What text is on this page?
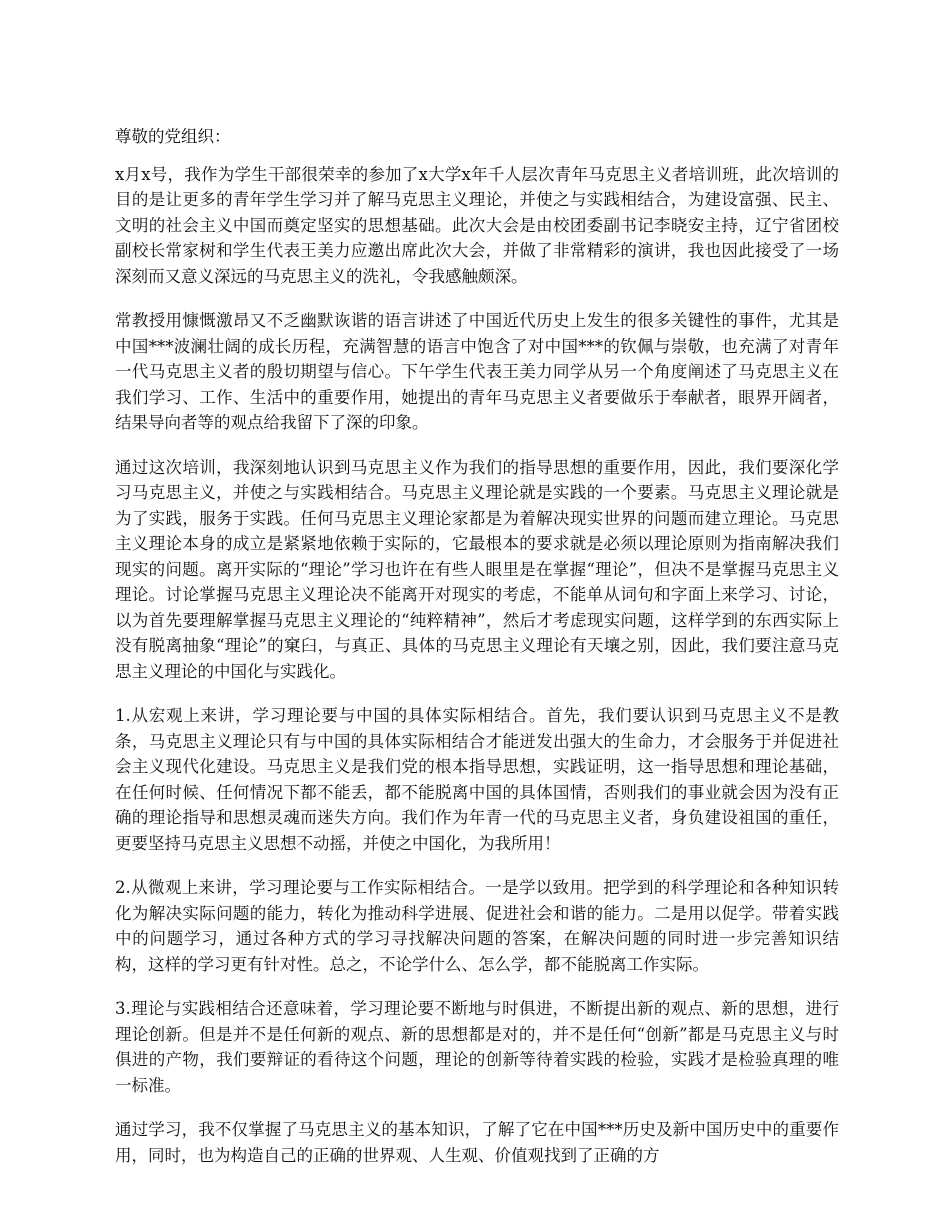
尊敬的党组织：

x月x号，我作为学生干部很荣幸的参加了x大学x年千人层次青年马克思主义者培训班，此次培训的目的是让更多的青年学生学习并了解马克思主义理论，并使之与实践相结合，为建设富强、民主、文明的社会主义中国而奠定坚实的思想基础。此次大会是由校团委副书记李晓安主持，辽宁省团校副校长常家树和学生代表王美力应邀出席此次大会，并做了非常精彩的演讲，我也因此接受了一场深刻而又意义深远的马克思主义的洗礼，令我感触颇深。

常教授用慷慨激昂又不乏幽默诙谐的语言讲述了中国近代历史上发生的很多关键性的事件，尤其是中国***波澜壮阔的成长历程，充满智慧的语言中饱含了对中国***的钦佩与崇敬，也充满了对青年一代马克思主义者的殷切期望与信心。下午学生代表王美力同学从另一个角度阐述了马克思主义在我们学习、工作、生活中的重要作用，她提出的青年马克思主义者要做乐于奉献者，眼界开阔者，结果导向者等的观点给我留下了深的印象。

通过这次培训，我深刻地认识到马克思主义作为我们的指导思想的重要作用，因此，我们要深化学习马克思主义，并使之与实践相结合。马克思主义理论就是实践的一个要素。马克思主义理论就是为了实践，服务于实践。任何马克思主义理论家都是为着解决现实世界的问题而建立理论。马克思主义理论本身的成立是紧紧地依赖于实际的，它最根本的要求就是必须以理论原则为指南解决我们现实的问题。离开实际的“理论”学习也许在有些人眼里是在掌握“理论”，但决不是掌握马克思主义理论。讨论掌握马克思主义理论决不能离开对现实的考虑，不能单从词句和字面上来学习、讨论，以为首先要理解掌握马克思主义理论的“纯粹精神”，然后才考虑现实问题，这样学到的东西实际上没有脱离抽象“理论”的窠臼，与真正、具体的马克思主义理论有天壤之别，因此，我们要注意马克思主义理论的中国化与实践化。

1.从宏观上来讲，学习理论要与中国的具体实际相结合。首先，我们要认识到马克思主义不是教条，马克思主义理论只有与中国的具体实际相结合才能迸发出强大的生命力，才会服务于并促进社会主义现代化建设。马克思主义是我们党的根本指导思想，实践证明，这一指导思想和理论基础，在任何时候、任何情况下都不能丢，都不能脱离中国的具体国情，否则我们的事业就会因为没有正确的理论指导和思想灵魂而迷失方向。我们作为年青一代的马克思主义者，身负建设祖国的重任，更要坚持马克思主义思想不动摇，并使之中国化，为我所用！

2.从微观上来讲，学习理论要与工作实际相结合。一是学以致用。把学到的科学理论和各种知识转化为解决实际问题的能力，转化为推动科学进展、促进社会和谐的能力。二是用以促学。带着实践中的问题学习，通过各种方式的学习寻找解决问题的答案，在解决问题的同时进一步完善知识结构，这样的学习更有针对性。总之，不论学什么、怎么学，都不能脱离工作实际。

3.理论与实践相结合还意味着，学习理论要不断地与时俱进，不断提出新的观点、新的思想，进行理论创新。但是并不是任何新的观点、新的思想都是对的，并不是任何“创新”都是马克思主义与时俱进的产物，我们要辩证的看待这个问题，理论的创新等待着实践的检验，实践才是检验真理的唯一标准。

通过学习，我不仅掌握了马克思主义的基本知识，了解了它在中国***历史及新中国历史中的重要作用，同时，也为构造自己的正确的世界观、人生观、价值观找到了正确的方
